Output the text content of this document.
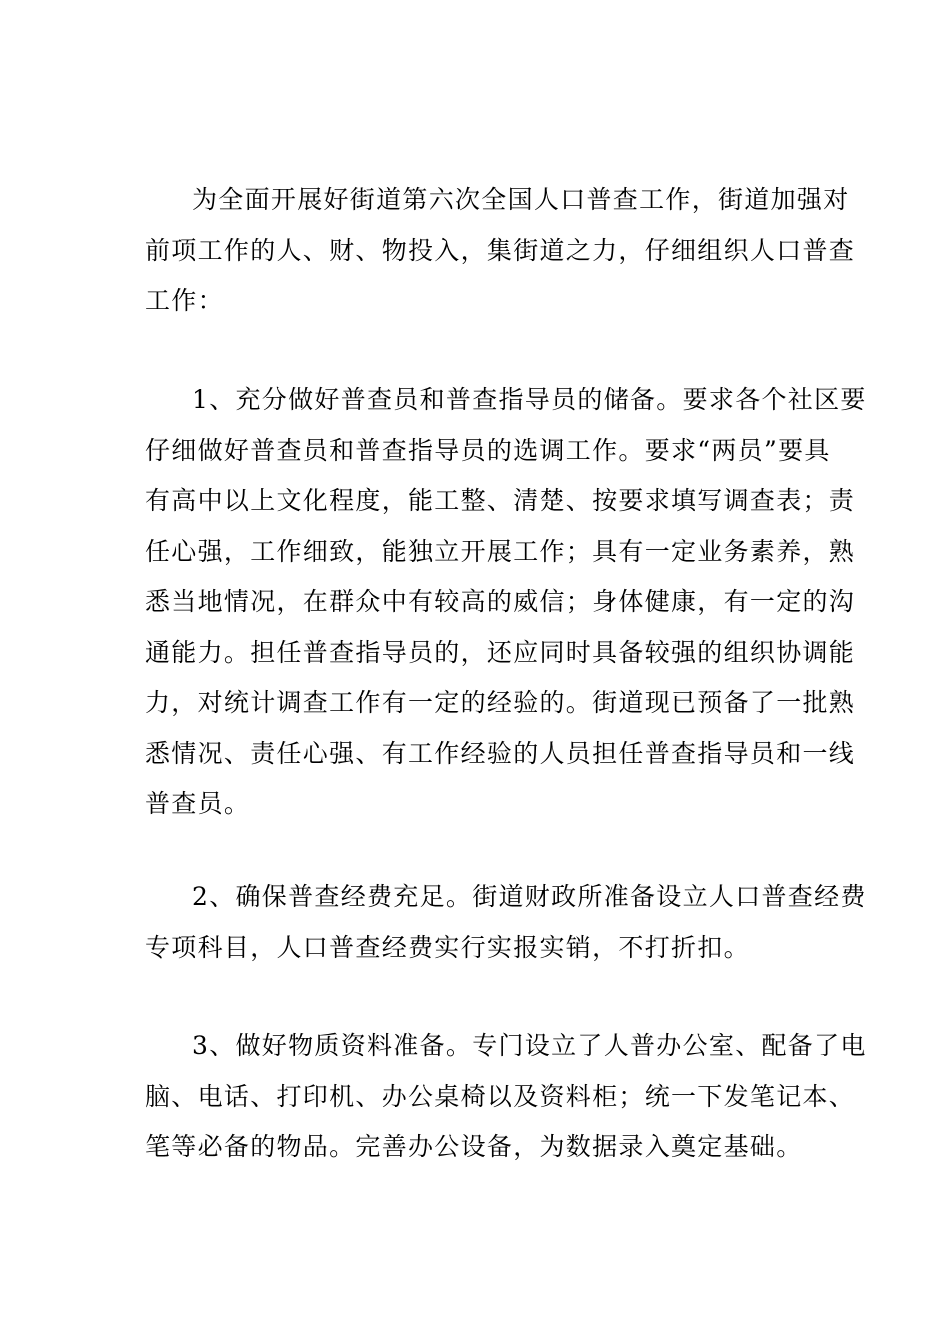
为全面开展好街道第六次全国人口普查工作，街道加强对
前项工作的人、财、物投入，集街道之力，仔细组织人口普查
工作：

1、充分做好普查员和普查指导员的储备。要求各个社区要
仔细做好普查员和普查指导员的选调工作。要求“两员”要具
有高中以上文化程度，能工整、清楚、按要求填写调查表；责
任心强，工作细致，能独立开展工作；具有一定业务素养，熟
悉当地情况，在群众中有较高的威信；身体健康，有一定的沟
通能力。担任普查指导员的，还应同时具备较强的组织协调能
力，对统计调查工作有一定的经验的。街道现已预备了一批熟
悉情况、责任心强、有工作经验的人员担任普查指导员和一线
普查员。

2、确保普查经费充足。街道财政所准备设立人口普查经费
专项科目，人口普查经费实行实报实销，不打折扣。

3、做好物质资料准备。专门设立了人普办公室、配备了电
脑、电话、打印机、办公桌椅以及资料柜；统一下发笔记本、
笔等必备的物品。完善办公设备，为数据录入奠定基础。
